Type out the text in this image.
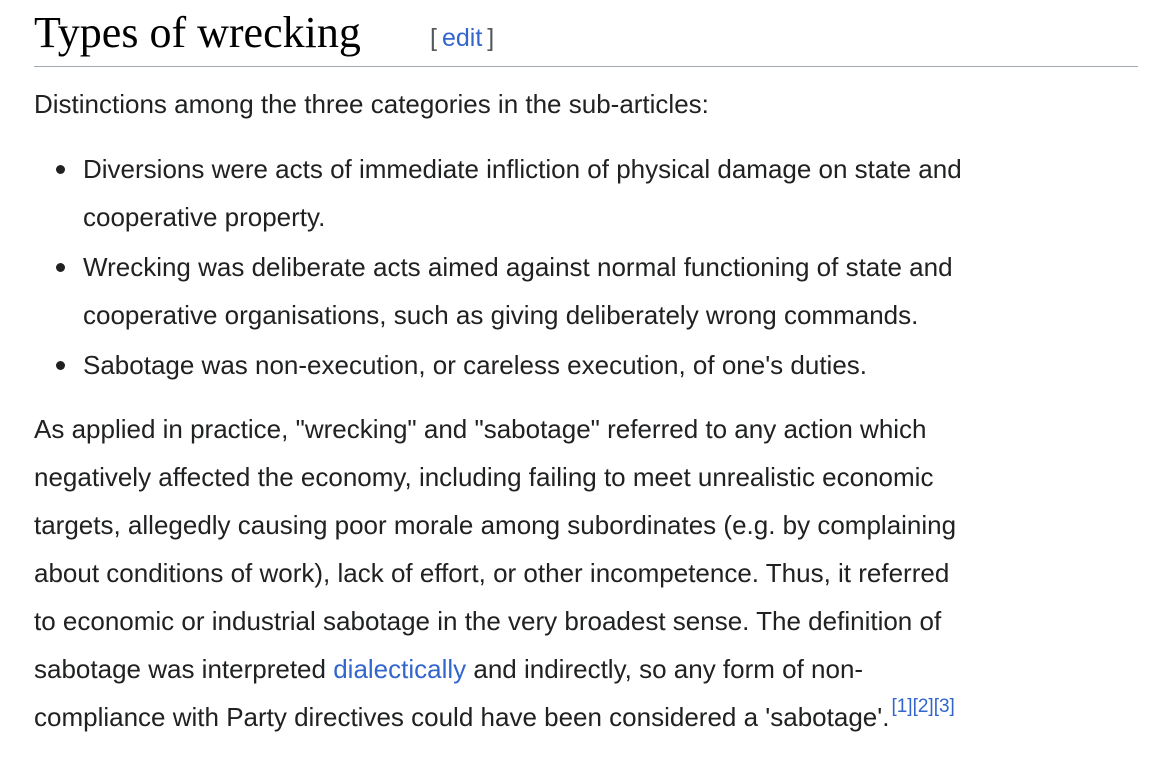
Types of wrecking	[ edit ]

Distinctions among the three categories in the sub-articles:

Diversions were acts of immediate infliction of physical damage on state and
cooperative property.
Wrecking was deliberate acts aimed against normal functioning of state and
cooperative organisations, such as giving deliberately wrong commands.
Sabotage was non-execution, or careless execution, of one's duties.

As applied in practice, "wrecking" and "sabotage" referred to any action which
negatively affected the economy, including failing to meet unrealistic economic
targets, allegedly causing poor morale among subordinates (e.g. by complaining
about conditions of work), lack of effort, or other incompetence. Thus, it referred
to economic or industrial sabotage in the very broadest sense. The definition of
sabotage was interpreted dialectically and indirectly, so any form of non-
compliance with Party directives could have been considered a 'sabotage'. [1][2][3]
